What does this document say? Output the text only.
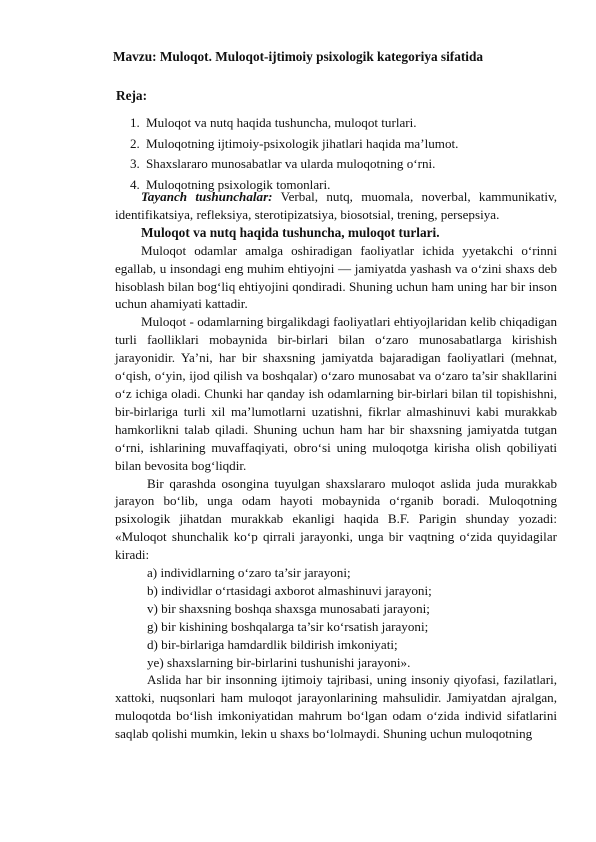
Mavzu: Muloqot. Muloqot-ijtimoiy psixologik kategoriya sifatida
Reja:
1. Muloqot va nutq haqida tushuncha, muloqot turlari.
2. Muloqotning ijtimoiy-psixologik jihatlari haqida ma’lumot.
3. Shaxslararo munosabatlar va ularda muloqotning o‘rni.
4. Muloqotning psixologik tomonlari.

Tayanch tushunchalar: Verbal, nutq, muomala, noverbal, kammunikativ, identifikatsiya, refleksiya, sterotipizatsiya, biosotsial, trening, persepsiya.

Muloqot va nutq haqida tushuncha, muloqot turlari.

Muloqot odamlar amalga oshiradigan faoliyatlar ichida yyetakchi o‘rinni egallab, u insondagi eng muhim ehtiyojni — jamiyatda yashash va o‘zini shaxs deb hisoblash bilan bog‘liq ehtiyojini qondiradi. Shuning uchun ham uning har bir inson uchun ahamiyati kattadir.

Muloqot - odamlarning birgalikdagi faoliyatlari ehtiyojlaridan kelib chiqadigan turli faolliklari mobaynida bir-birlari bilan o‘zaro munosabatlarga kirishish jarayonidir. Ya’ni, har bir shaxsning jamiyatda bajaradigan faoliyatlari (mehnat, o‘qish, o‘yin, ijod qilish va boshqalar) o‘zaro munosabat va o‘zaro ta’sir shakllarini o‘z ichiga oladi. Chunki har qanday ish odamlarning bir-birlari bilan til topishishni, bir-birlariga turli xil ma’lumotlarni uzatishni, fikrlar almashinuvi kabi murakkab hamkorlikni talab qiladi. Shuning uchun ham har bir shaxsning jamiyatda tutgan o‘rni, ishlarining muvaffaqiyati, obro‘si uning muloqotga kirisha olish qobiliyati bilan bevosita bog‘liqdir.

Bir qarashda osongina tuyulgan shaxslararo muloqot aslida juda murakkab jarayon bo‘lib, unga odam hayoti mobaynida o‘rganib boradi. Muloqotning psixologik jihatdan murakkab ekanligi haqida B.F. Parigin shunday yozadi: «Muloqot shunchalik ko‘p qirrali jarayonki, unga bir vaqtning o‘zida quyidagilar kiradi:

a) individlarning o‘zaro ta’sir jarayoni;

b) individlar o‘rtasidagi axborot almashinuvi jarayoni;

v) bir shaxsning boshqa shaxsga munosabati jarayoni;

g) bir kishining boshqalarga ta’sir ko‘rsatish jarayoni;

d) bir-birlariga hamdardlik bildirish imkoniyati;

ye) shaxslarning bir-birlarini tushunishi jarayoni».

Aslida har bir insonning ijtimoiy tajribasi, uning insoniy qiyofasi, fazilatlari, xattoki, nuqsonlari ham muloqot jarayonlarining mahsulidir. Jamiyatdan ajralgan, muloqotda bo‘lish imkoniyatidan mahrum bo‘lgan odam o‘zida individ sifatlarini saqlab qolishi mumkin, lekin u shaxs bo‘lolmaydi. Shuning uchun muloqotning
